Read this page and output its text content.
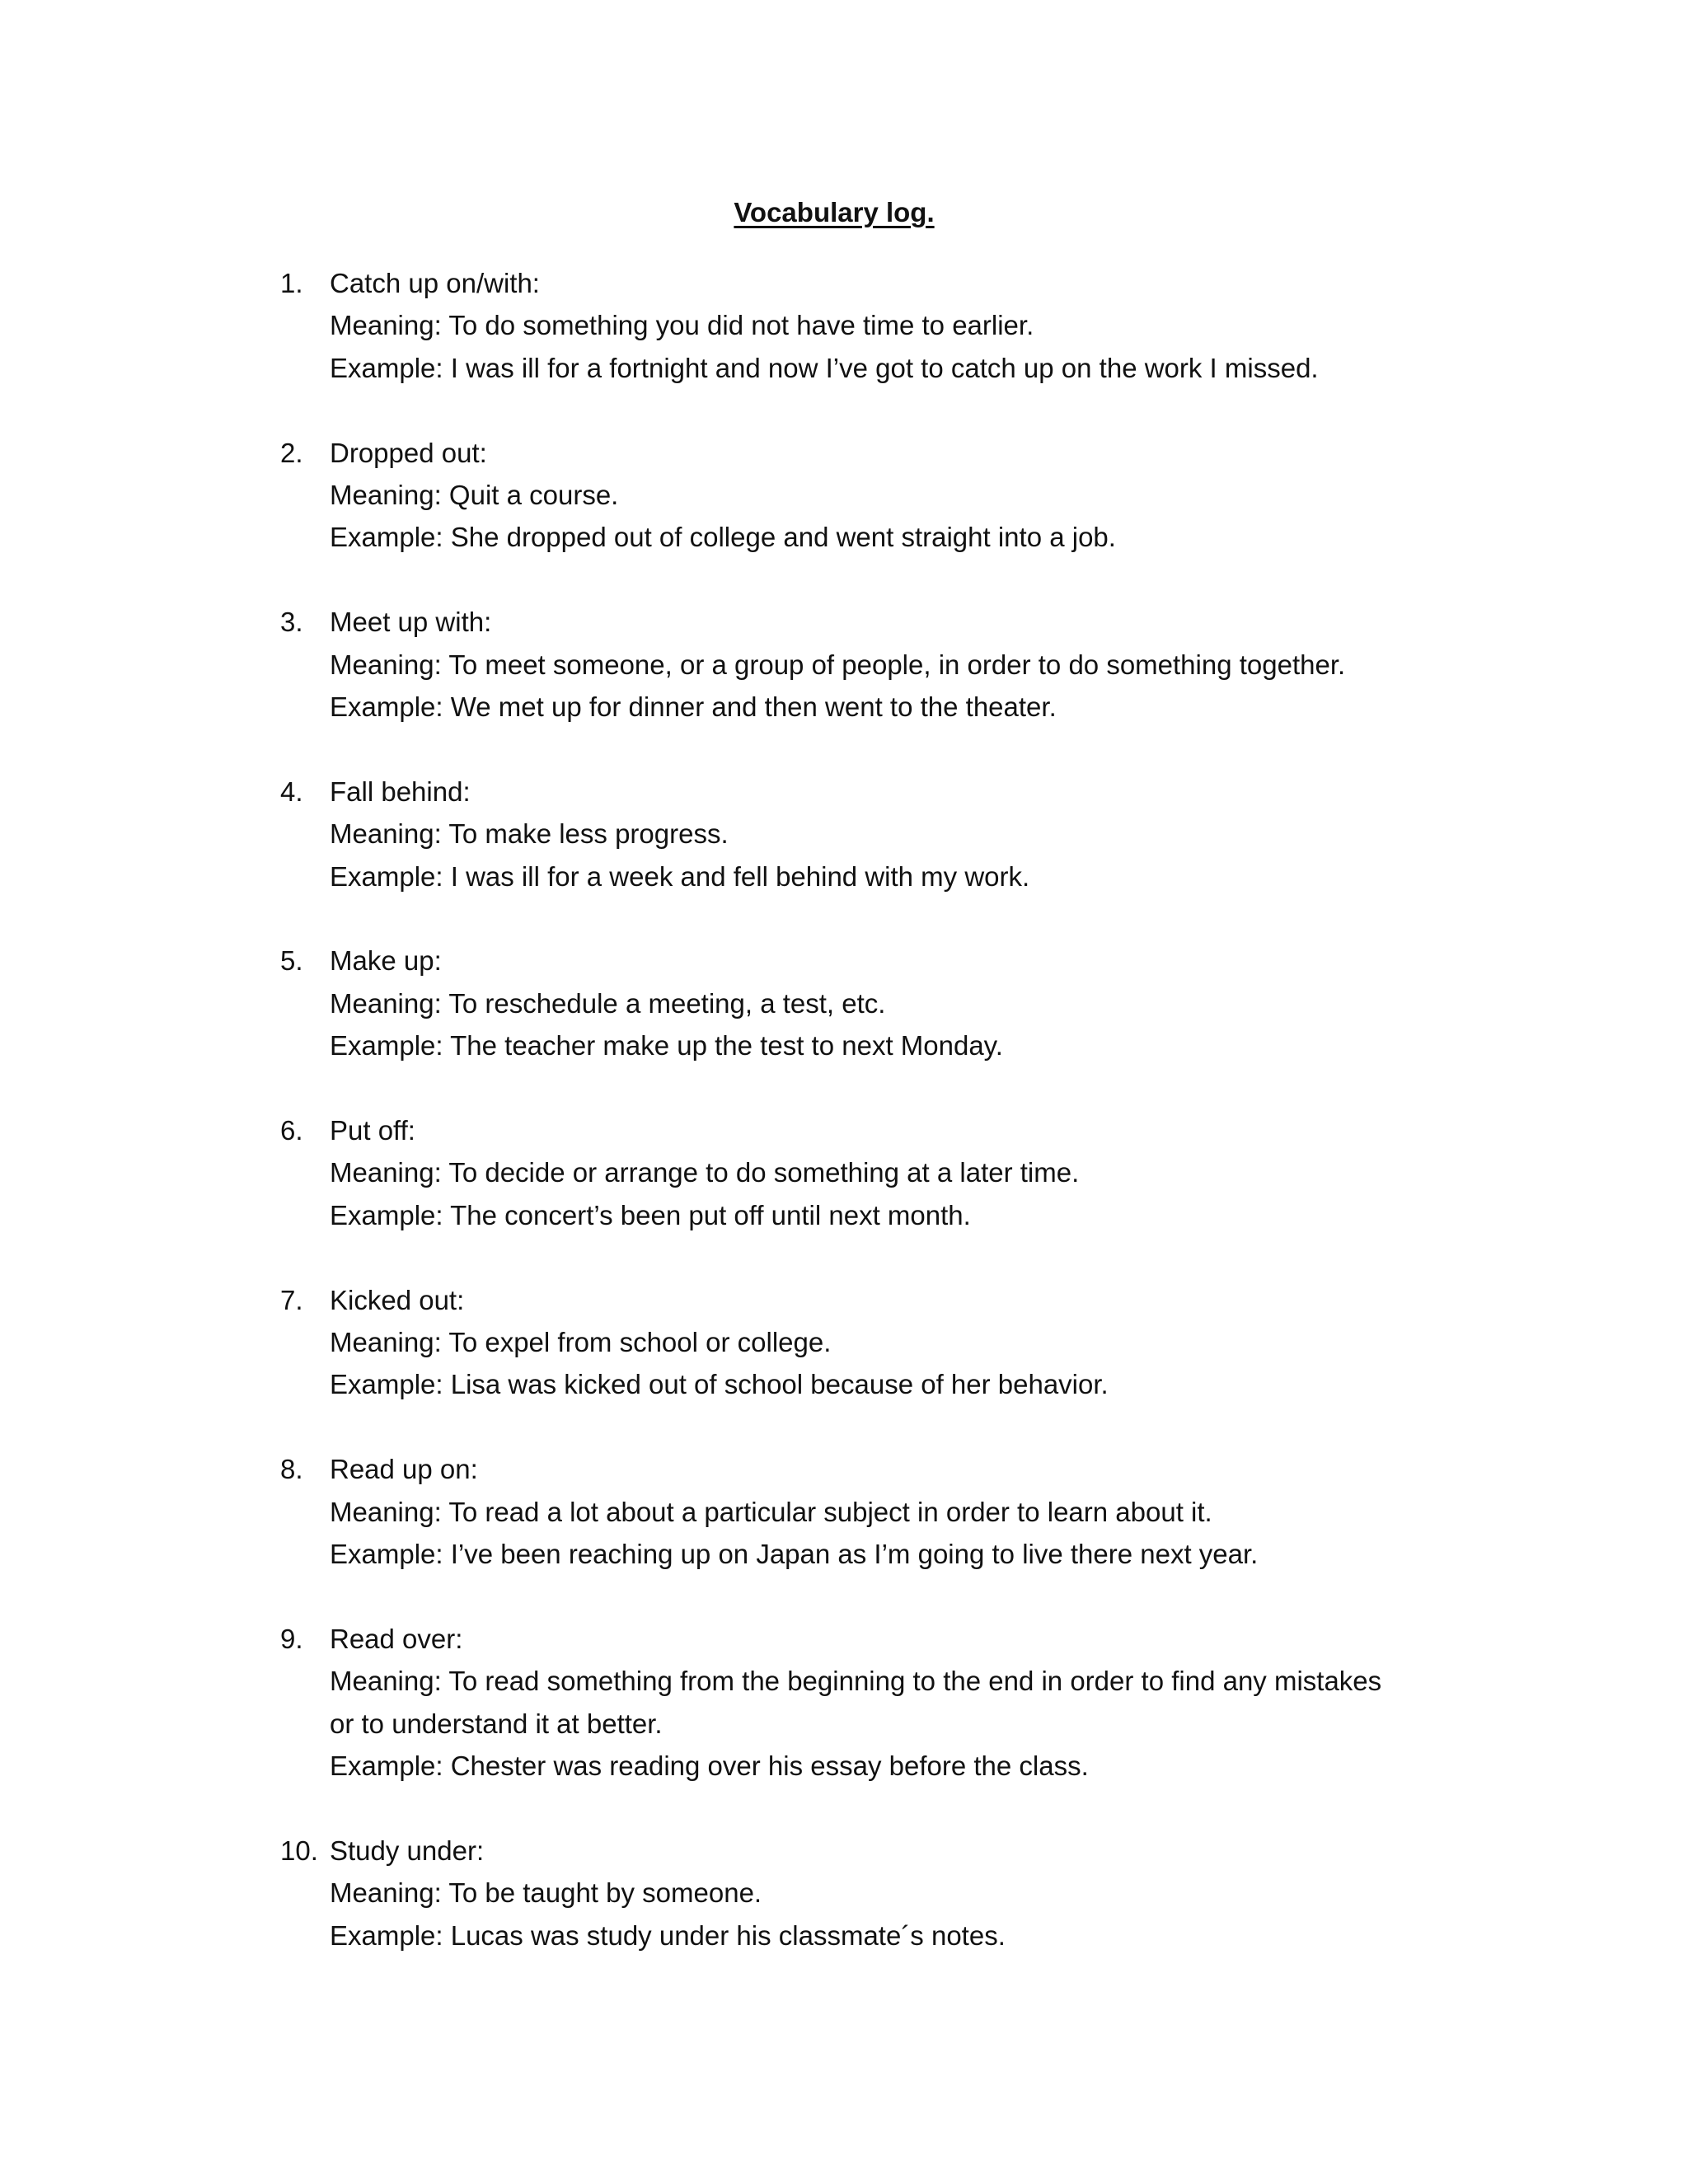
Vocabulary log.
1. Catch up on/with:
Meaning: To do something you did not have time to earlier.
Example: I was ill for a fortnight and now I’ve got to catch up on the work I missed.
2. Dropped out:
Meaning: Quit a course.
Example: She dropped out of college and went straight into a job.
3. Meet up with:
Meaning: To meet someone, or a group of people, in order to do something together.
Example: We met up for dinner and then went to the theater.
4. Fall behind:
Meaning: To make less progress.
Example: I was ill for a week and fell behind with my work.
5. Make up:
Meaning: To reschedule a meeting, a test, etc.
Example: The teacher make up the test to next Monday.
6. Put off:
Meaning: To decide or arrange to do something at a later time.
Example: The concert’s been put off until next month.
7. Kicked out:
Meaning: To expel from school or college.
Example: Lisa was kicked out of school because of her behavior.
8. Read up on:
Meaning: To read a lot about a particular subject in order to learn about it.
Example: I’ve been reaching up on Japan as I’m going to live there next year.
9. Read over:
Meaning: To read something from the beginning to the end in order to find any mistakes
or to understand it at better.
Example: Chester was reading over his essay before the class.
10. Study under:
Meaning: To be taught by someone.
Example: Lucas was study under his classmate´s notes.
